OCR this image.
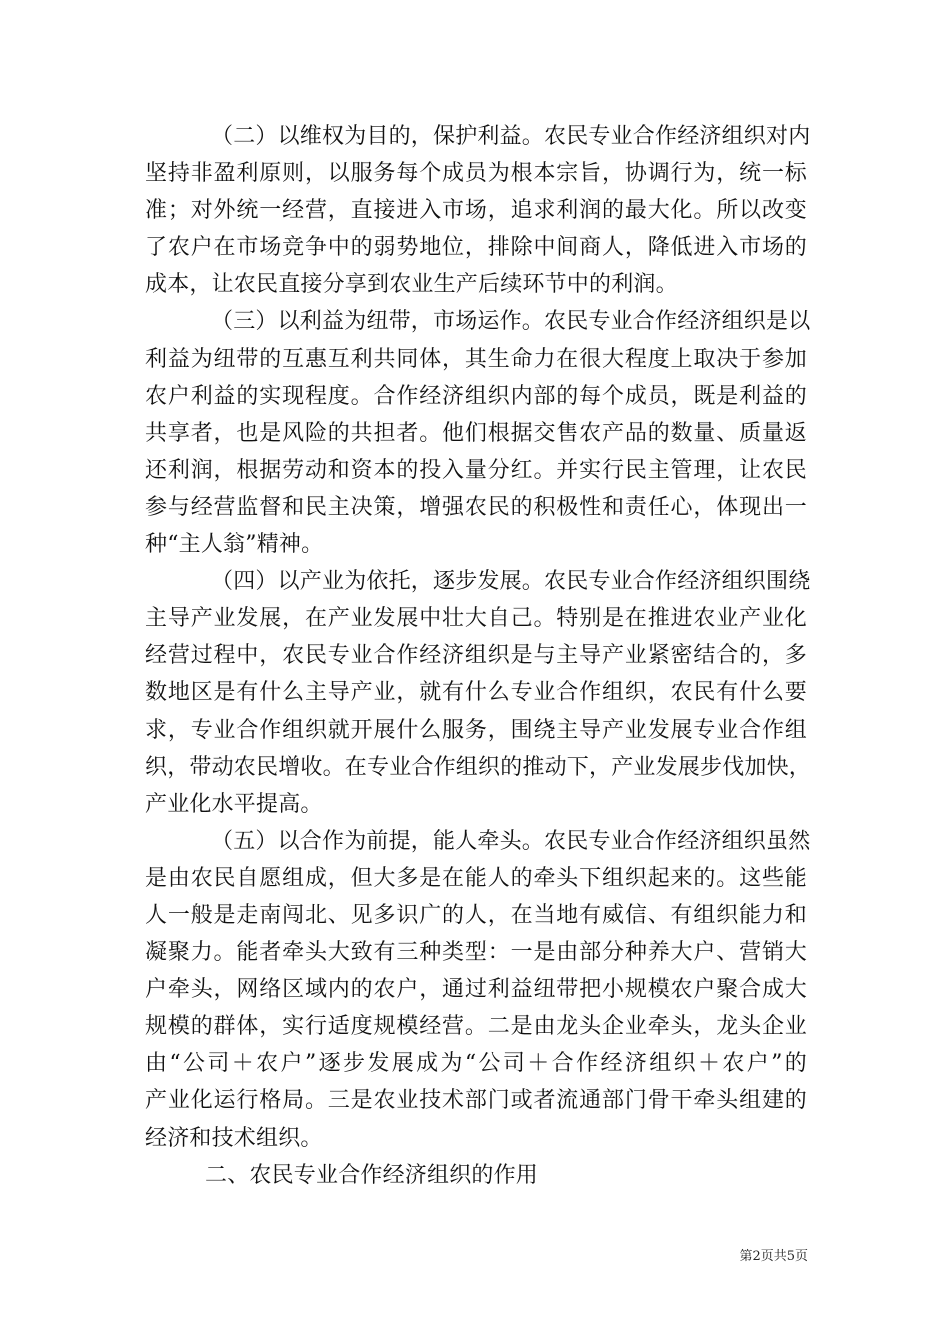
（二）以维权为目的，保护利益。农民专业合作经济组织对内
坚持非盈利原则，以服务每个成员为根本宗旨，协调行为，统一标
准；对外统一经营，直接进入市场，追求利润的最大化。所以改变
了农户在市场竞争中的弱势地位，排除中间商人，降低进入市场的
成本，让农民直接分享到农业生产后续环节中的利润。
（三）以利益为纽带，市场运作。农民专业合作经济组织是以
利益为纽带的互惠互利共同体，其生命力在很大程度上取决于参加
农户利益的实现程度。合作经济组织内部的每个成员，既是利益的
共享者，也是风险的共担者。他们根据交售农产品的数量、质量返
还利润，根据劳动和资本的投入量分红。并实行民主管理，让农民
参与经营监督和民主决策，增强农民的积极性和责任心，体现出一
种“主人翁”精神。
（四）以产业为依托，逐步发展。农民专业合作经济组织围绕
主导产业发展，在产业发展中壮大自己。特别是在推进农业产业化
经营过程中，农民专业合作经济组织是与主导产业紧密结合的，多
数地区是有什么主导产业，就有什么专业合作组织，农民有什么要
求，专业合作组织就开展什么服务，围绕主导产业发展专业合作组
织，带动农民增收。在专业合作组织的推动下，产业发展步伐加快，
产业化水平提高。
（五）以合作为前提，能人牵头。农民专业合作经济组织虽然
是由农民自愿组成，但大多是在能人的牵头下组织起来的。这些能
人一般是走南闯北、见多识广的人，在当地有威信、有组织能力和
凝聚力。能者牵头大致有三种类型：一是由部分种养大户、营销大
户牵头，网络区域内的农户，通过利益纽带把小规模农户聚合成大
规模的群体，实行适度规模经营。二是由龙头企业牵头，龙头企业
由“公司＋农户”逐步发展成为“公司＋合作经济组织＋农户”的
产业化运行格局。三是农业技术部门或者流通部门骨干牵头组建的
经济和技术组织。
二、农民专业合作经济组织的作用
第2页共5页
